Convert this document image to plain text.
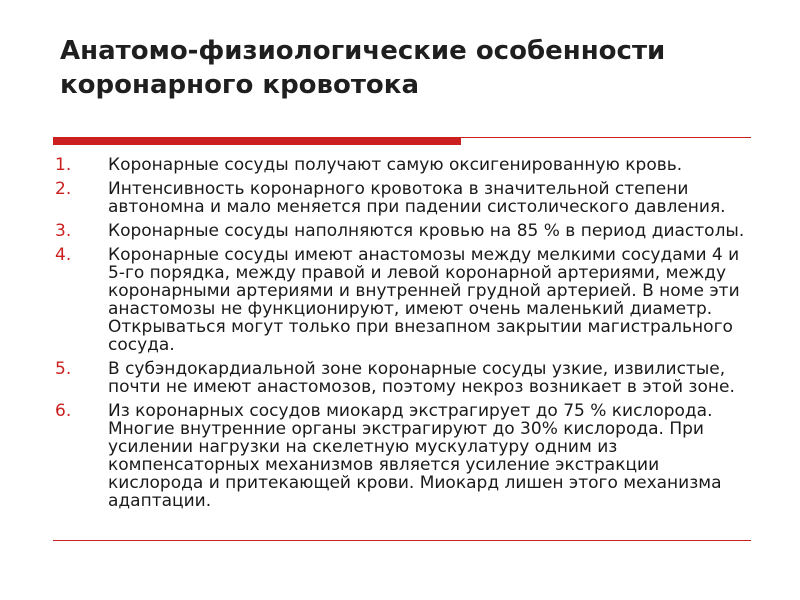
Анатомо-физиологические особенности коронарного кровотока
1.	Коронарные сосуды получают самую оксигенированную кровь.
2.	Интенсивность коронарного кровотока в значительной степени автономна и мало меняется при падении систолического давления.
3.	Коронарные сосуды наполняются кровью на 85 % в период диастолы.
4.	Коронарные сосуды имеют анастомозы между мелкими сосудами 4 и 5-го порядка, между правой и левой коронарной артериями, между коронарными артериями и внутренней грудной артерией. В номе эти анастомозы не функционируют, имеют очень маленький диаметр. Открываться могут только при внезапном закрытии магистрального сосуда.
5.	В субэндокардиальной зоне коронарные сосуды узкие, извилистые, почти не имеют анастомозов, поэтому некроз возникает в этой зоне.
6.	Из коронарных сосудов миокард экстрагирует до 75 % кислорода. Многие внутренние органы экстрагируют до 30% кислорода. При усилении нагрузки на скелетную мускулатуру одним из компенсаторных механизмов является усиление экстракции кислорода и притекающей крови. Миокард лишен этого механизма адаптации.
